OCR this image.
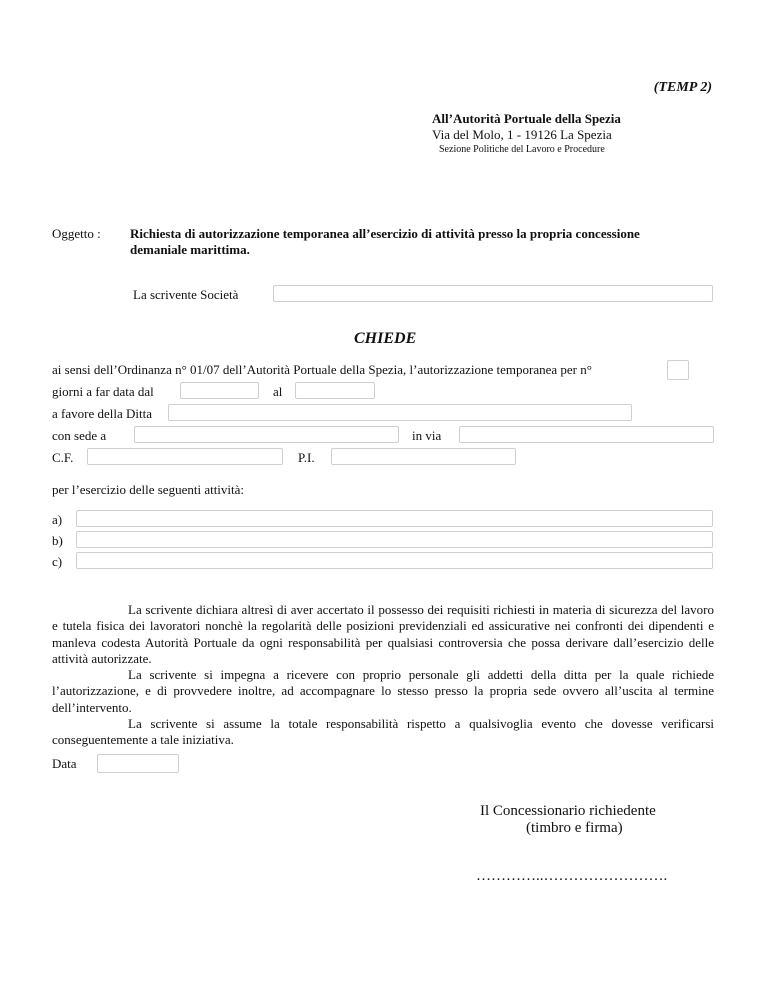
(TEMP 2)
All’Autorità Portuale della Spezia
Via del Molo, 1 - 19126 La Spezia
Sezione Politiche del Lavoro e Procedure
Oggetto : Richiesta di autorizzazione temporanea all’esercizio di attività presso la propria concessione
demaniale marittima.
La scrivente Società
CHIEDE
ai sensi dell’Ordinanza n° 01/07 dell’Autorità Portuale della Spezia, l’autorizzazione temporanea per n°
giorni a far data dal	al
a favore della Ditta
con sede a	in via
C.F.	P.I.
per l’esercizio delle seguenti attività:
a)
b)
c)

La scrivente dichiara altresì di aver accertato il possesso dei requisiti richiesti in materia di sicurezza del lavoro e tutela fisica dei lavoratori nonchè la regolarità delle posizioni previdenziali ed assicurative nei confronti dei dipendenti e manleva codesta Autorità Portuale da ogni responsabilità per qualsiasi controversia che possa derivare dall’esercizio delle attività autorizzate.

La scrivente si impegna a ricevere con proprio personale gli addetti della ditta per la quale richiede l’autorizzazione, e di provvedere inoltre, ad accompagnare lo stesso presso la propria sede ovvero all’uscita al termine dell’intervento.

La scrivente si assume la totale responsabilità rispetto a qualsivoglia evento che dovesse verificarsi conseguentemente a tale iniziativa.

Data
Il Concessionario richiedente
(timbro e firma)
…………..…………………….
